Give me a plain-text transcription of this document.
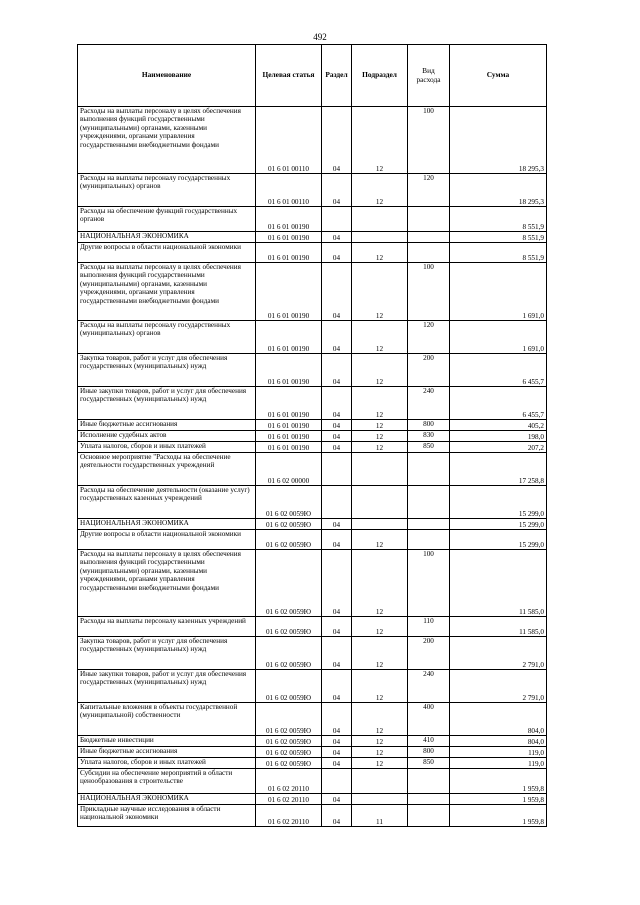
492
Наименование	Целевая статья	Раздел	Подраздел	Вид расхода	Сумма
Расходы на выплаты персоналу в целях обеспечения выполнения функций государственными (муниципальными) органами, казенными учреждениями, органами управления государственными внебюджетными фондами	01 6 01 00110	04	12	100	18 295,3
Расходы на выплаты персоналу государственных (муниципальных) органов	01 6 01 00110	04	12	120	18 295,3
Расходы на обеспечение функций государственных органов	01 6 01 00190				8 551,9
НАЦИОНАЛЬНАЯ ЭКОНОМИКА	01 6 01 00190	04			8 551,9
Другие вопросы в области национальной экономики	01 6 01 00190	04	12		8 551,9
Расходы на выплаты персоналу в целях обеспечения выполнения функций государственными (муниципальными) органами, казенными учреждениями, органами управления государственными внебюджетными фондами	01 6 01 00190	04	12	100	1 691,0
Расходы на выплаты персоналу государственных (муниципальных) органов	01 6 01 00190	04	12	120	1 691,0
Закупка товаров, работ и услуг для обеспечения государственных (муниципальных) нужд	01 6 01 00190	04	12	200	6 455,7
Иные закупки товаров, работ и услуг для обеспечения государственных (муниципальных) нужд	01 6 01 00190	04	12	240	6 455,7
Иные бюджетные ассигнования	01 6 01 00190	04	12	800	405,2
Исполнение судебных актов	01 6 01 00190	04	12	830	198,0
Уплата налогов, сборов и иных платежей	01 6 01 00190	04	12	850	207,2
Основное мероприятие "Расходы на обеспечение деятельности государственных учреждений	01 6 02 00000				17 258,8
Расходы на обеспечение деятельности (оказание услуг) государственных казенных учреждений	01 6 02 0059Ю				15 299,0
НАЦИОНАЛЬНАЯ ЭКОНОМИКА	01 6 02 0059Ю	04			15 299,0
Другие вопросы в области национальной экономики	01 6 02 0059Ю	04	12		15 299,0
Расходы на выплаты персоналу в целях обеспечения выполнения функций государственными (муниципальными) органами, казенными учреждениями, органами управления государственными внебюджетными фондами	01 6 02 0059Ю	04	12	100	11 585,0
Расходы на выплаты персоналу казенных учреждений	01 6 02 0059Ю	04	12	110	11 585,0
Закупка товаров, работ и услуг для обеспечения государственных (муниципальных) нужд	01 6 02 0059Ю	04	12	200	2 791,0
Иные закупки товаров, работ и услуг для обеспечения государственных (муниципальных) нужд	01 6 02 0059Ю	04	12	240	2 791,0
Капитальные вложения в объекты государственной (муниципальной) собственности	01 6 02 0059Ю	04	12	400	804,0
Бюджетные инвестиции	01 6 02 0059Ю	04	12	410	804,0
Иные бюджетные ассигнования	01 6 02 0059Ю	04	12	800	119,0
Уплата налогов, сборов и иных платежей	01 6 02 0059Ю	04	12	850	119,0
Субсидии на обеспечение мероприятий в области ценообразования в строительстве	01 6 02 20110				1 959,8
НАЦИОНАЛЬНАЯ ЭКОНОМИКА	01 6 02 20110	04			1 959,8
Прикладные научные исследования в области национальной экономики	01 6 02 20110	04	11		1 959,8
